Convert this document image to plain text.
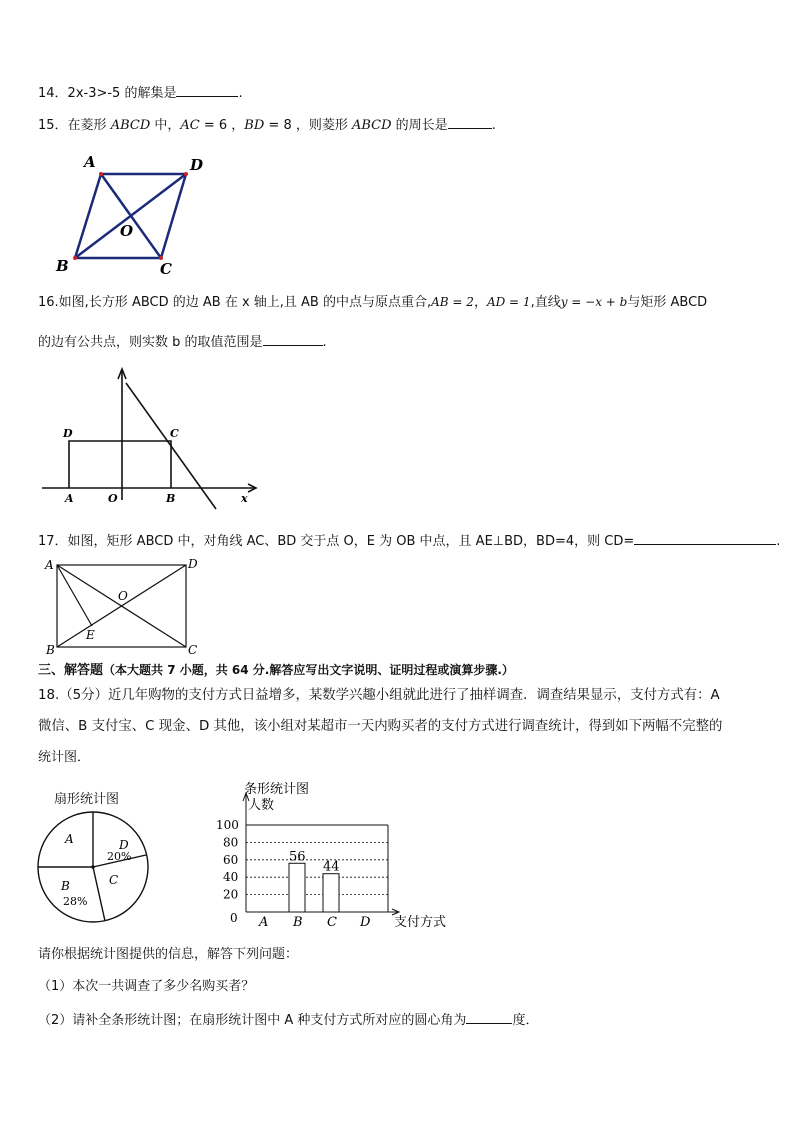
14．2x-3>-5 的解集是	.
15．在菱形 ABCD 中，AC = 6 ，BD = 8 ，则菱形 ABCD 的周长是	.
A	D
O
B	C
16.如图,长方形 ABCD 的边 AB 在 x 轴上,且 AB 的中点与原点重合,AB = 2，AD = 1,直线y = −x + b与矩形 ABCD
的边有公共点，则实数 b 的取值范围是	.
D	C
A	O	B	x
17．如图，矩形 ABCD 中，对角线 AC、BD 交于点 O，E 为 OB 中点，且 AE⊥BD，BD=4，则 CD=	.
A	D
B	C
O
E
三、解答题（本大题共 7 小题，共 64 分.解答应写出文字说明、证明过程或演算步骤.）
18.（5分）近几年购物的支付方式日益增多，某数学兴趣小组就此进行了抽样调查．调查结果显示，支付方式有：A
微信、B 支付宝、C 现金、D 其他，该小组对某超市一天内购买者的支付方式进行调查统计，得到如下两幅不完整的
统计图．
扇形统计图
A	D
20%
C
B
28%
条形统计图
人数
支付方式
56
44
0
20
40
60
80
100
A B C D
请你根据统计图提供的信息，解答下列问题：
（1）本次一共调查了多少名购买者？
（2）请补全条形统计图；在扇形统计图中 A 种支付方式所对应的圆心角为	度．
